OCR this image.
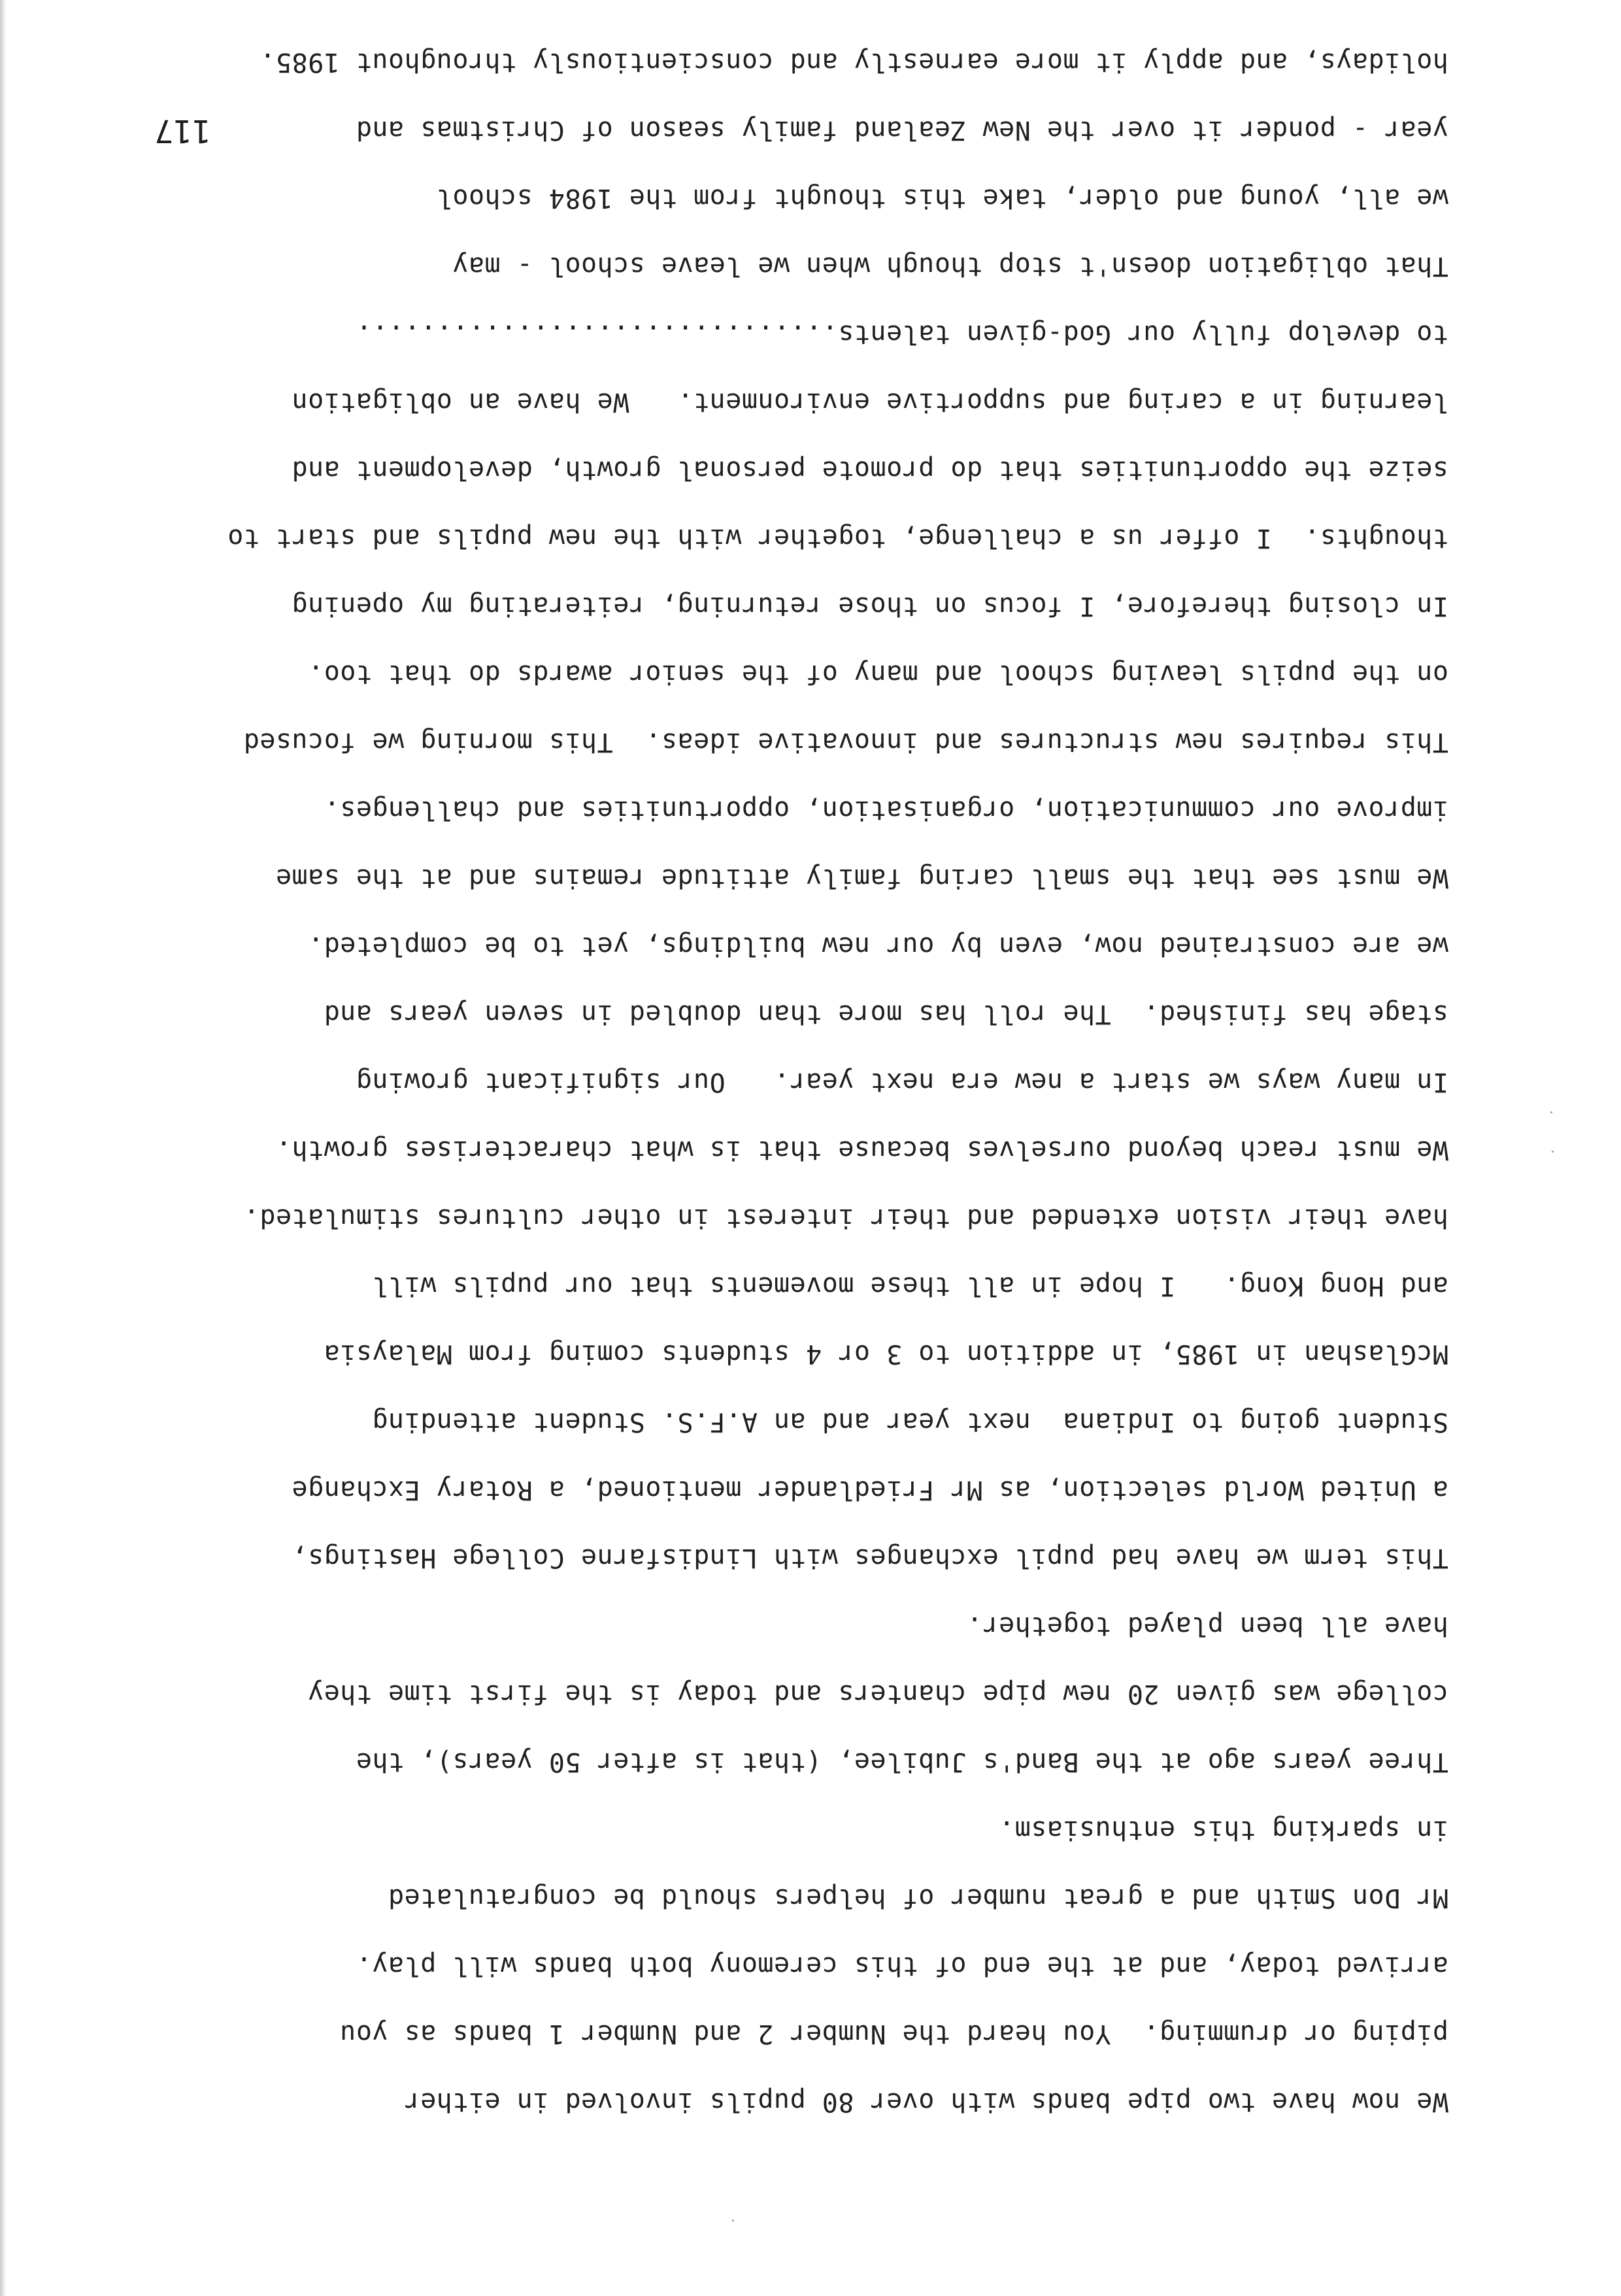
We now have two pipe bands with over 80 pupils involved in either
piping or drumming.  You heard the Number 2 and Number 1 bands as you
arrived today, and at the end of this ceremony both bands will play.
Mr Don Smith and a great number of helpers should be congratulated
in sparking this enthusiasm.
Three years ago at the Band's Jubilee, (that is after 50 years), the
college was given 20 new pipe chanters and today is the first time they
have all been played together.
This term we have had pupil exchanges with Lindisfarne College Hastings,
a United World selection, as Mr Friedlander mentioned, a Rotary Exchange
Student going to Indiana  next year and an A.F.S. Student attending
McGlashan in 1985, in addition to 3 or 4 students coming from Malaysia
and Hong Kong.   I hope in all these movements that our pupils will
have their vision extended and their interest in other cultures stimulated.
We must reach beyond ourselves because that is what characterises growth.
In many ways we start a new era next year.   Our significant growing
stage has finished.  The roll has more than doubled in seven years and
we are constrained now, even by our new buildings, yet to be completed.
We must see that the small caring family attitude remains and at the same
improve our communication, organisation, opportunities and challenges.
This requires new structures and innovative ideas.  This morning we focused
on the pupils leaving school and many of the senior awards do that too.
In closing therefore, I focus on those returning, reiterating my opening
thoughts.  I offer us a challenge, together with the new pupils and start to
seize the opportunities that do promote personal growth, development and
learning in a caring and supportive environment.   We have an obligation
to develop fully our God-given talents..............................
That obligation doesn't stop though when we leave school - may
we all, young and older, take this thought from the 1984 school
year - ponder it over the New Zealand family season of Christmas and
holidays, and apply it more earnestly and conscientiously throughout 1985.
117
